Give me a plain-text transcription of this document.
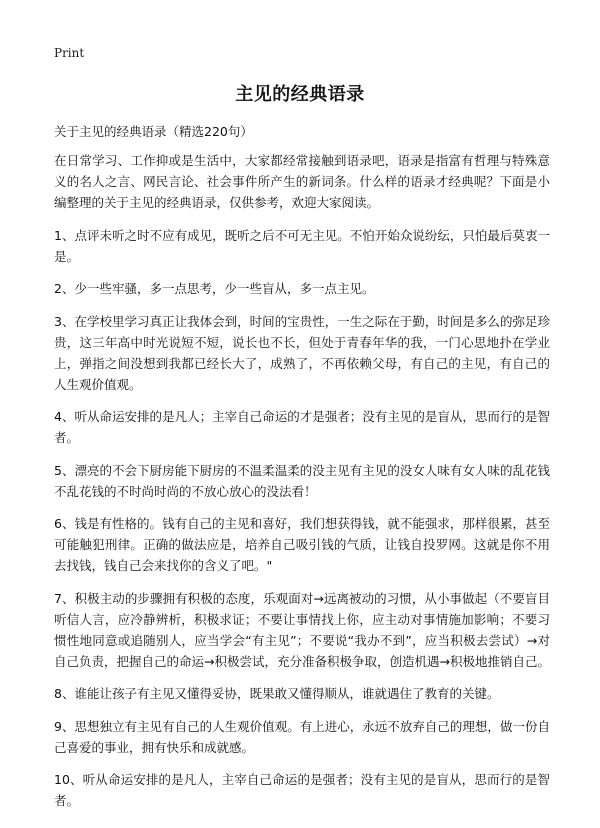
Print
主见的经典语录
关于主见的经典语录（精选220句）

在日常学习、工作抑或是生活中，大家都经常接触到语录吧，语录是指富有哲理与特殊意义的名人之言、网民言论、社会事件所产生的新词条。什么样的语录才经典呢？下面是小编整理的关于主见的经典语录，仅供参考，欢迎大家阅读。

1、点评未听之时不应有成见，既听之后不可无主见。不怕开始众说纷纭，只怕最后莫衷一是。

2、少一些牢骚，多一点思考，少一些盲从，多一点主见。

3、在学校里学习真正让我体会到，时间的宝贵性，一生之际在于勤，时间是多么的弥足珍贵，这三年高中时光说短不短，说长也不长，但处于青春年华的我，一门心思地扑在学业上，弹指之间没想到我都已经长大了，成熟了，不再依赖父母，有自己的主见，有自己的人生观价值观。

4、听从命运安排的是凡人；主宰自己命运的才是强者；没有主见的是盲从，思而行的是智者。

5、漂亮的不会下厨房能下厨房的不温柔温柔的没主见有主见的没女人味有女人味的乱花钱不乱花钱的不时尚时尚的不放心放心的没法看！

6、钱是有性格的。钱有自己的主见和喜好，我们想获得钱，就不能强求，那样很累，甚至可能触犯刑律。正确的做法应是，培养自己吸引钱的气质，让钱自投罗网。这就是你不用去找钱，钱自己会来找你的含义了吧。"

7、积极主动的步骤拥有积极的态度，乐观面对→远离被动的习惯，从小事做起（不要盲目听信人言，应冷静辨析，积极求证；不要让事情找上你，应主动对事情施加影响；不要习惯性地同意或追随别人，应当学会“有主见”；不要说“我办不到”，应当积极去尝试）→对自己负责，把握自己的命运→积极尝试，充分准备积极争取，创造机遇→积极地推销自己。

8、谁能让孩子有主见又懂得妥协，既果敢又懂得顺从，谁就遇住了教育的关键。

9、思想独立有主见有自己的人生观价值观。有上进心，永远不放弃自己的理想，做一份自己喜爱的事业，拥有快乐和成就感。

10、听从命运安排的是凡人，主宰自己命运的是强者；没有主见的是盲从，思而行的是智者。
